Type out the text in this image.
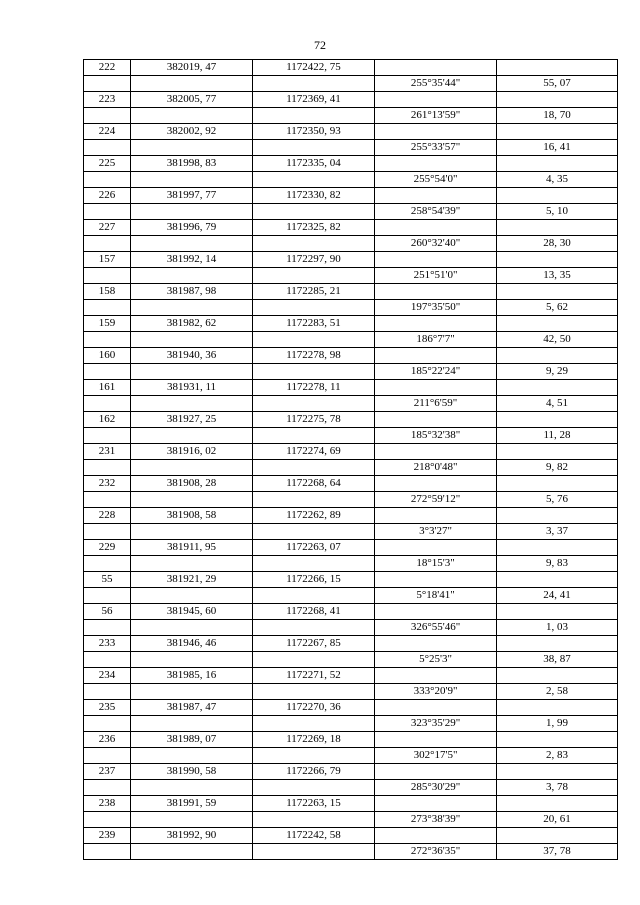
72
222	382019, 47	1172422, 75		
			255°35'44"	55, 07
223	382005, 77	1172369, 41		
			261°13'59"	18, 70
224	382002, 92	1172350, 93		
			255°33'57"	16, 41
225	381998, 83	1172335, 04		
			255°54'0"	4, 35
226	381997, 77	1172330, 82		
			258°54'39"	5, 10
227	381996, 79	1172325, 82		
			260°32'40"	28, 30
157	381992, 14	1172297, 90		
			251°51'0"	13, 35
158	381987, 98	1172285, 21		
			197°35'50"	5, 62
159	381982, 62	1172283, 51		
			186°7'7"	42, 50
160	381940, 36	1172278, 98		
			185°22'24"	9, 29
161	381931, 11	1172278, 11		
			211°6'59"	4, 51
162	381927, 25	1172275, 78		
			185°32'38"	11, 28
231	381916, 02	1172274, 69		
			218°0'48"	9, 82
232	381908, 28	1172268, 64		
			272°59'12"	5, 76
228	381908, 58	1172262, 89		
			3°3'27"	3, 37
229	381911, 95	1172263, 07		
			18°15'3"	9, 83
55	381921, 29	1172266, 15		
			5°18'41"	24, 41
56	381945, 60	1172268, 41		
			326°55'46"	1, 03
233	381946, 46	1172267, 85		
			5°25'3"	38, 87
234	381985, 16	1172271, 52		
			333°20'9"	2, 58
235	381987, 47	1172270, 36		
			323°35'29"	1, 99
236	381989, 07	1172269, 18		
			302°17'5"	2, 83
237	381990, 58	1172266, 79		
			285°30'29"	3, 78
238	381991, 59	1172263, 15		
			273°38'39"	20, 61
239	381992, 90	1172242, 58		
			272°36'35"	37, 78
